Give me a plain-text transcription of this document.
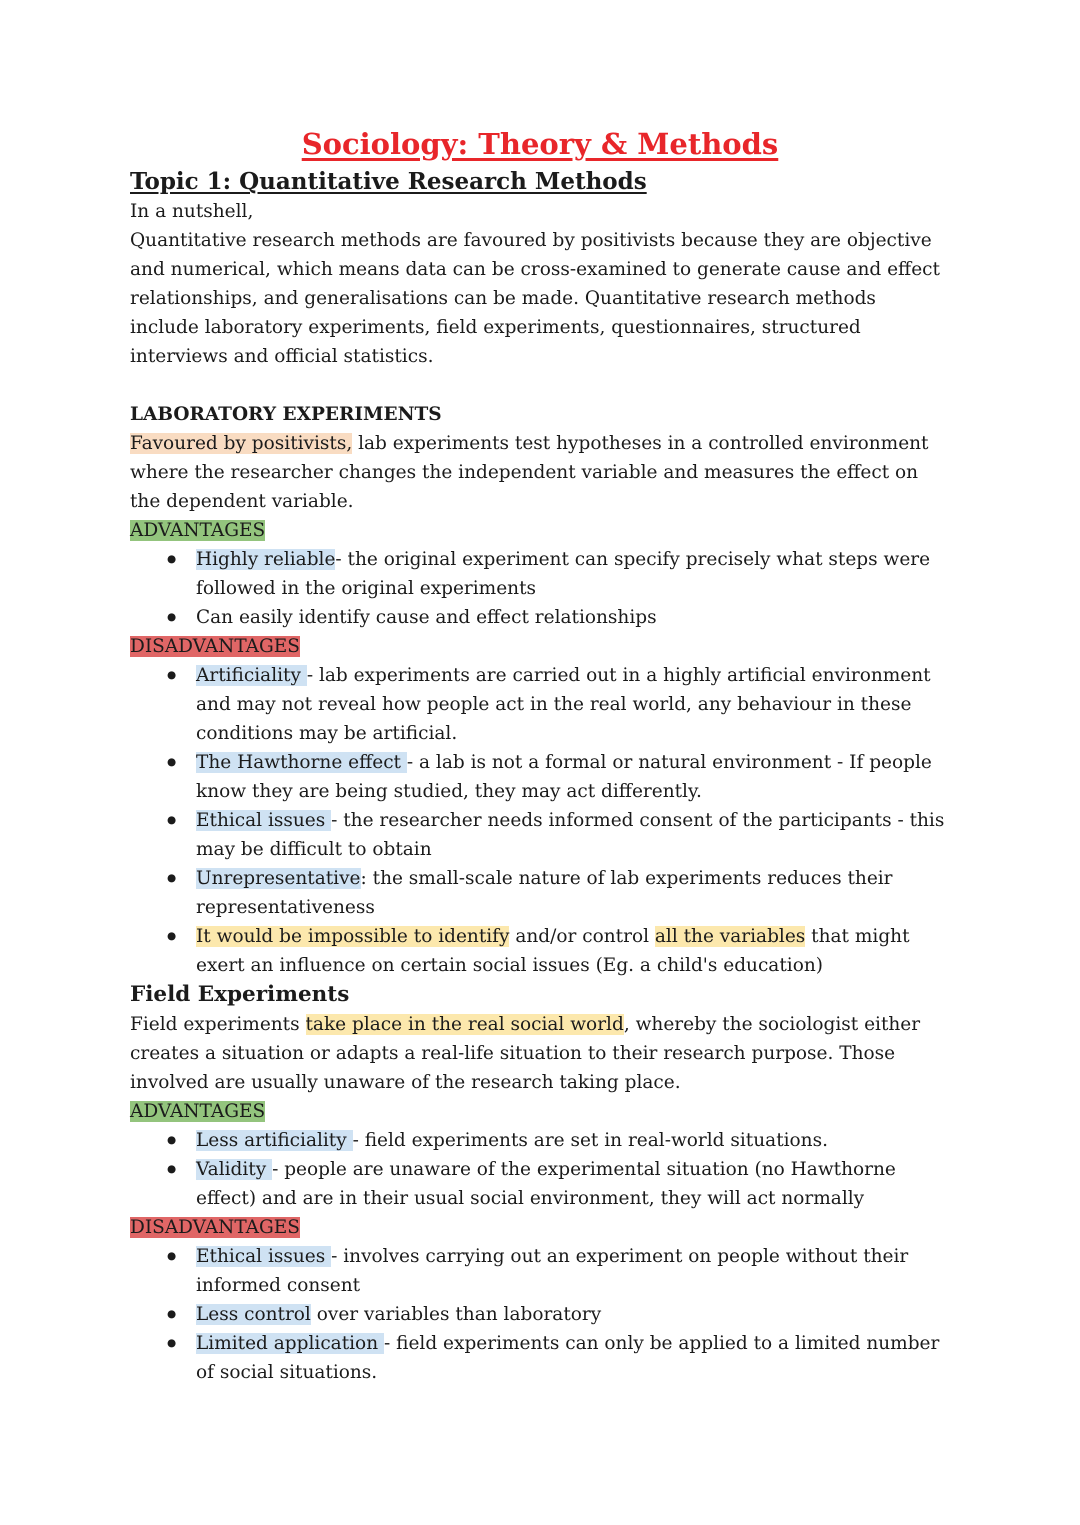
Sociology: Theory & Methods
Topic 1: Quantitative Research Methods
In a nutshell,
Quantitative research methods are favoured by positivists because they are objective and numerical, which means data can be cross-examined to generate cause and effect relationships, and generalisations can be made. Quantitative research methods include laboratory experiments, field experiments, questionnaires, structured interviews and official statistics.
LABORATORY EXPERIMENTS
Favoured by positivists, lab experiments test hypotheses in a controlled environment where the researcher changes the independent variable and measures the effect on the dependent variable.
ADVANTAGES
● Highly reliable- the original experiment can specify precisely what steps were followed in the original experiments
● Can easily identify cause and effect relationships
DISADVANTAGES
● Artificiality - lab experiments are carried out in a highly artificial environment and may not reveal how people act in the real world, any behaviour in these conditions may be artificial.
● The Hawthorne effect - a lab is not a formal or natural environment - If people know they are being studied, they may act differently.
● Ethical issues - the researcher needs informed consent of the participants - this may be difficult to obtain
● Unrepresentative: the small-scale nature of lab experiments reduces their representativeness
● It would be impossible to identify and/or control all the variables that might exert an influence on certain social issues (Eg. a child's education)
Field Experiments
Field experiments take place in the real social world, whereby the sociologist either creates a situation or adapts a real-life situation to their research purpose. Those involved are usually unaware of the research taking place.
ADVANTAGES
● Less artificiality - field experiments are set in real-world situations.
● Validity - people are unaware of the experimental situation (no Hawthorne effect) and are in their usual social environment, they will act normally
DISADVANTAGES
● Ethical issues - involves carrying out an experiment on people without their informed consent
● Less control over variables than laboratory
● Limited application - field experiments can only be applied to a limited number of social situations.
